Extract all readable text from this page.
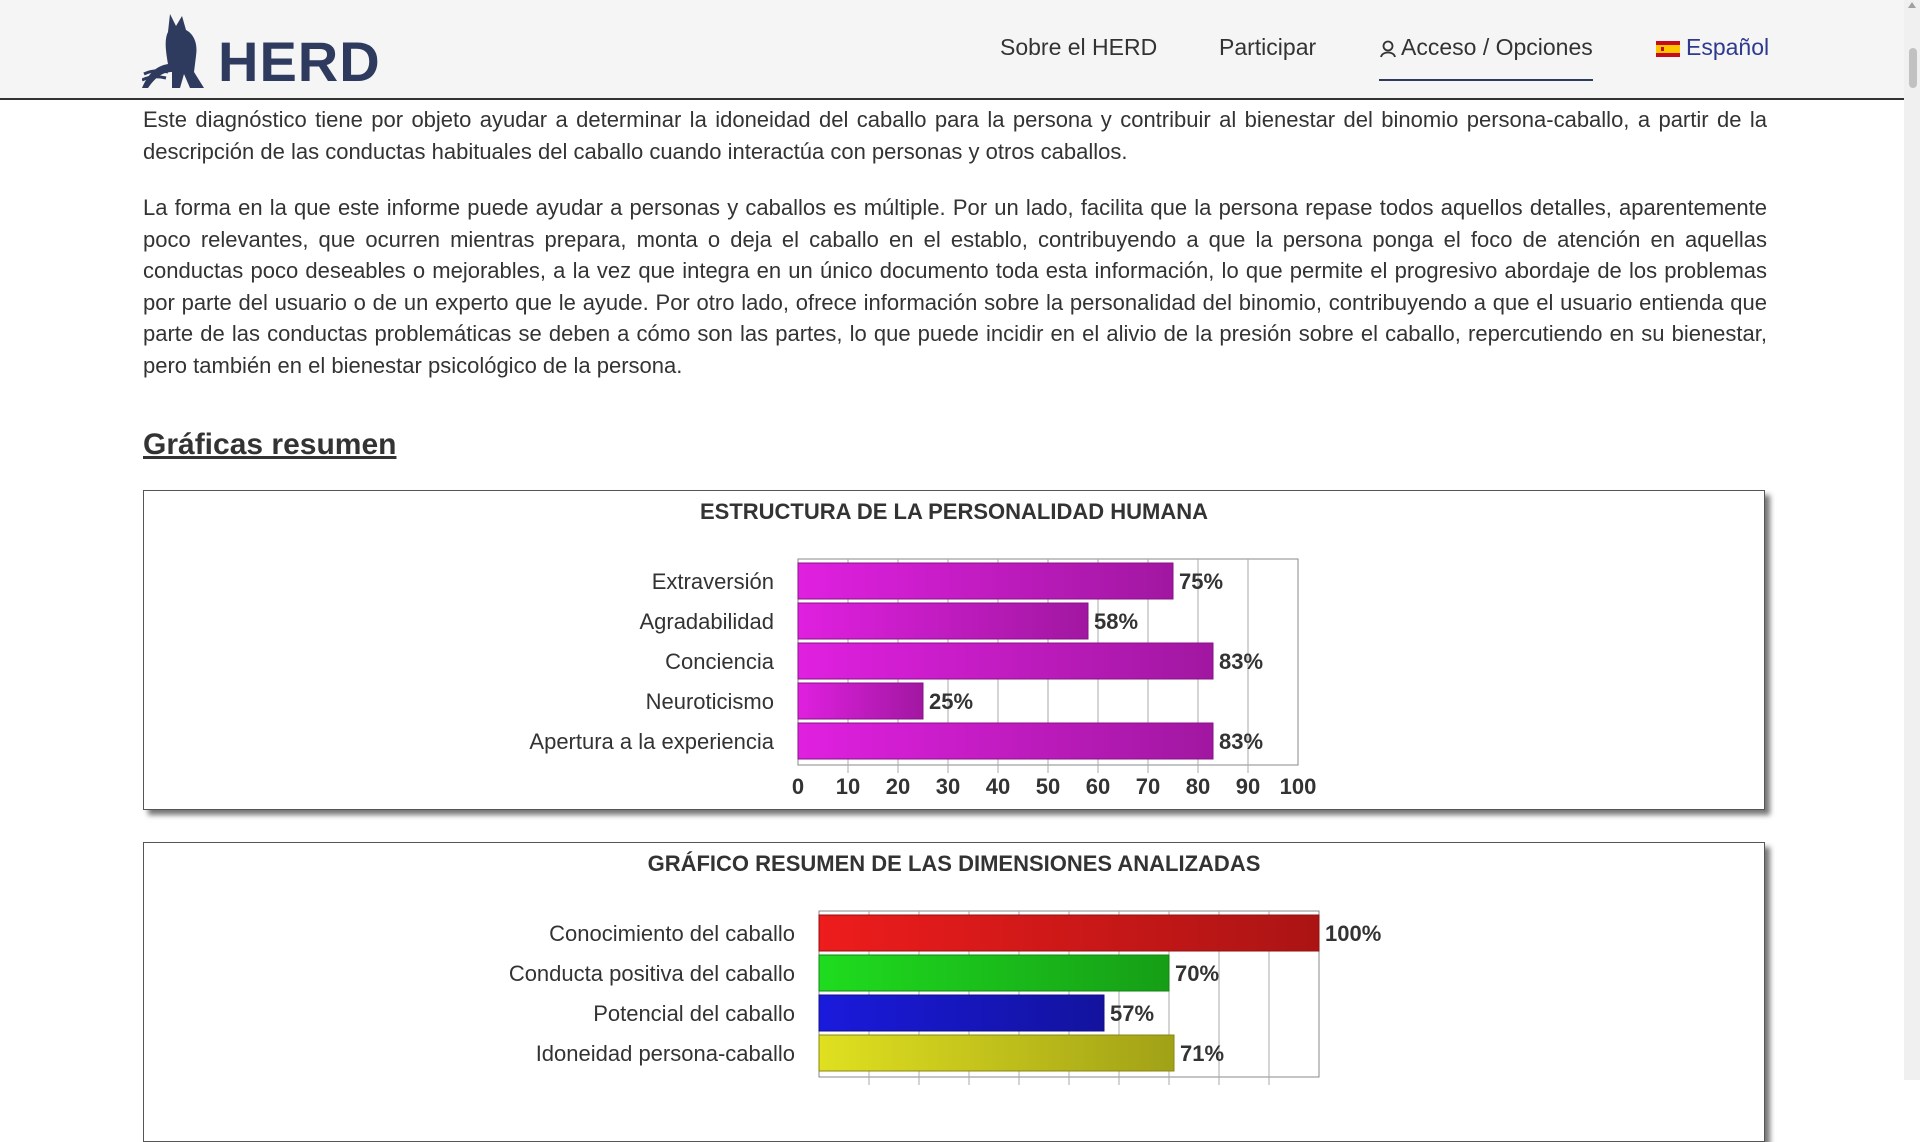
HERD	Sobre el HERD	Participar	Acceso / Opciones	Español

Este diagnóstico tiene por objeto ayudar a determinar la idoneidad del caballo para la persona y contribuir al bienestar del binomio persona-caballo, a partir de la descripción de las conductas habituales del caballo cuando interactúa con personas y otros caballos.

La forma en la que este informe puede ayudar a personas y caballos es múltiple. Por un lado, facilita que la persona repase todos aquellos detalles, aparentemente poco relevantes, que ocurren mientras prepara, monta o deja el caballo en el establo, contribuyendo a que la persona ponga el foco de atención en aquellas conductas poco deseables o mejorables, a la vez que integra en un único documento toda esta información, lo que permite el progresivo abordaje de los problemas por parte del usuario o de un experto que le ayude. Por otro lado, ofrece información sobre la personalidad del binomio, contribuyendo a que el usuario entienda que parte de las conductas problemáticas se deben a cómo son las partes, lo que puede incidir en el alivio de la presión sobre el caballo, repercutiendo en su bienestar, pero también en el bienestar psicológico de la persona.

Gráficas resumen
ESTRUCTURA DE LA PERSONALIDAD HUMANA
Extraversión	75%
Agradabilidad	58%
Conciencia	83%
Neuroticismo	25%
Apertura a la experiencia	83%
0 10 20 30 40 50 60 70 80 90 100
GRÁFICO RESUMEN DE LAS DIMENSIONES ANALIZADAS
Conocimiento del caballo	100%
Conducta positiva del caballo	70%
Potencial del caballo	57%
Idoneidad persona-caballo	71%
